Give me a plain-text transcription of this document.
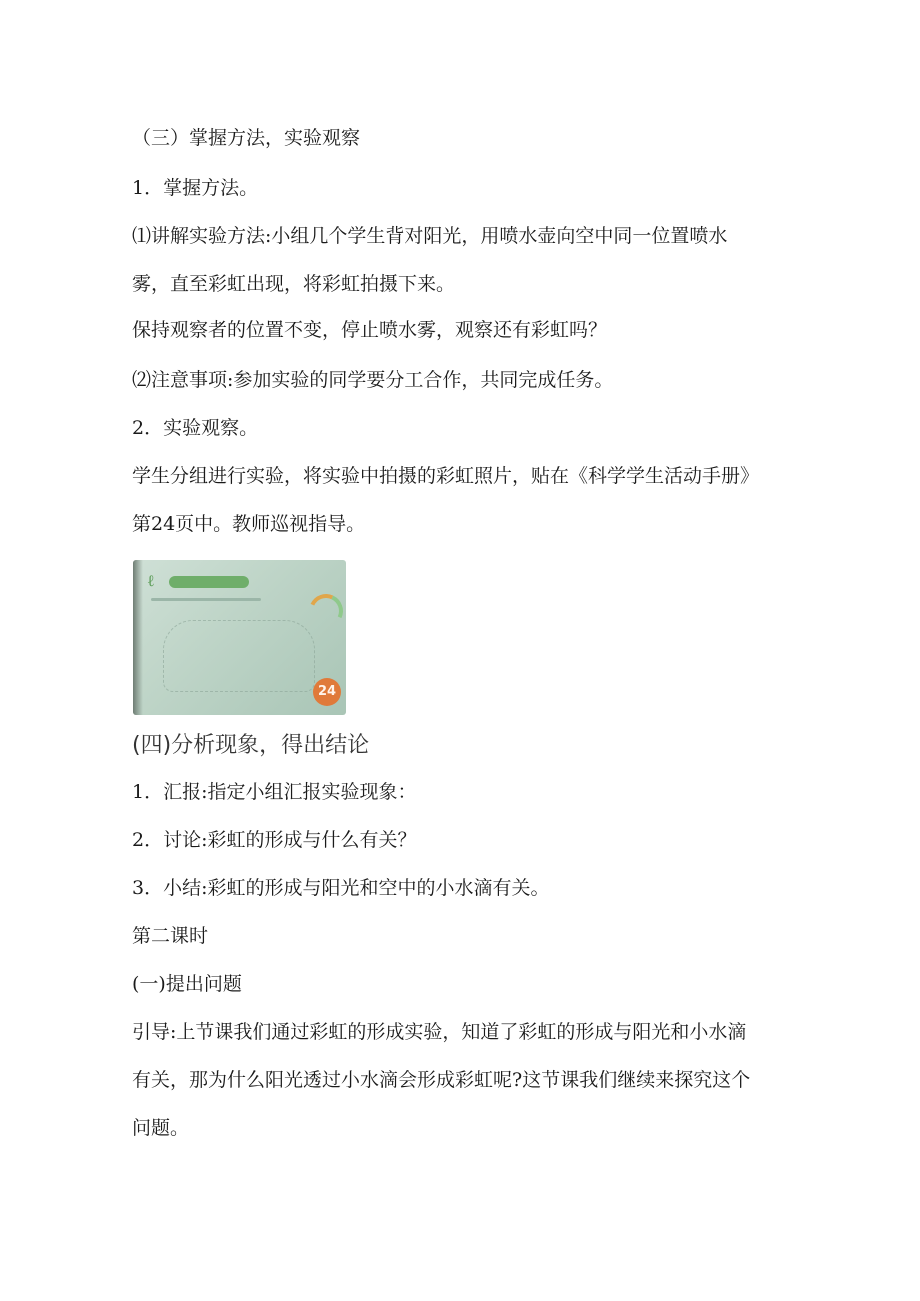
（三）掌握方法，实验观察

1．掌握方法。

⑴讲解实验方法:小组几个学生背对阳光，用喷水壶向空中同一位置喷水

雾，直至彩虹出现，将彩虹拍摄下来。

保持观察者的位置不变，停止喷水雾，观察还有彩虹吗？

⑵注意事项:参加实验的同学要分工合作，共同完成任务。

2．实验观察。

学生分组进行实验，将实验中拍摄的彩虹照片，贴在《科学学生活动手册》

第24页中。教师巡视指导。

ℓ
24

(四)分析现象，得出结论

1．汇报:指定小组汇报实验现象：

2．讨论:彩虹的形成与什么有关？

3．小结:彩虹的形成与阳光和空中的小水滴有关。

第二课时

(一)提出问题

引导:上节课我们通过彩虹的形成实验，知道了彩虹的形成与阳光和小水滴

有关，那为什么阳光透过小水滴会形成彩虹呢?这节课我们继续来探究这个

问题。
